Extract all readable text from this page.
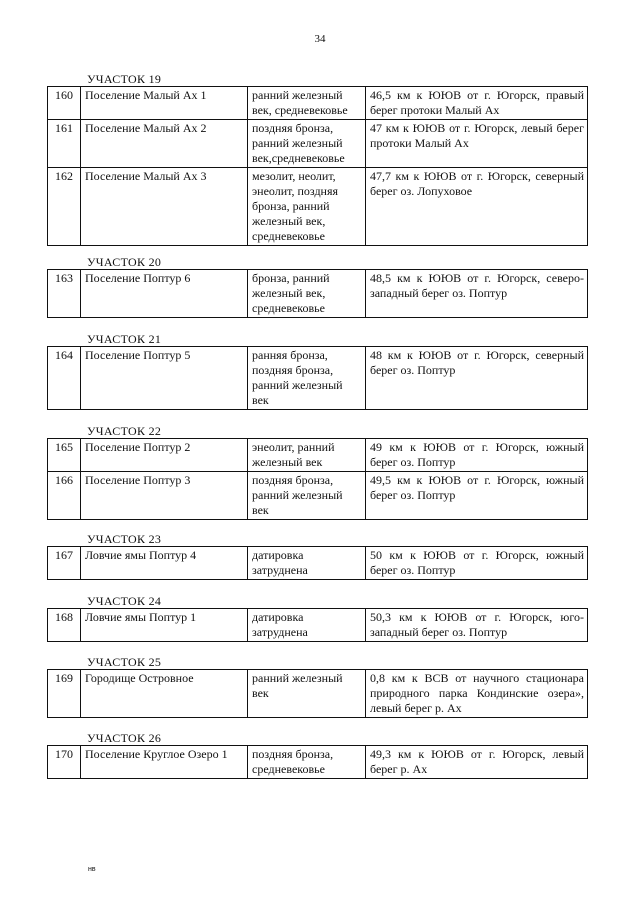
34
УЧАСТОК 19
160	Поселение Малый Ах 1	ранний железный век, средневековье	46,5 км к ЮЮВ от г. Югорск, правый берег протоки Малый Ах
161	Поселение Малый Ах 2	поздняя бронза, ранний железный век,средневековье	47 км к ЮЮВ от г. Югорск, левый берег протоки Малый Ах
162	Поселение Малый Ах 3	мезолит, неолит, энеолит, поздняя бронза, ранний железный век, средневековье	47,7 км к ЮЮВ от г. Югорск, северный берег оз. Лопуховое
УЧАСТОК 20
163	Поселение Поптур 6	бронза, ранний железный век, средневековье	48,5 км к ЮЮВ от г. Югорск, северо-западный берег оз. Поптур
УЧАСТОК 21
164	Поселение Поптур 5	ранняя бронза, поздняя бронза, ранний железный век	48 км к ЮЮВ от г. Югорск, северный берег оз. Поптур
УЧАСТОК 22
165	Поселение Поптур 2	энеолит, ранний железный век	49 км к ЮЮВ от г. Югорск, южный берег оз. Поптур
166	Поселение Поптур 3	поздняя бронза, ранний железный век	49,5 км к ЮЮВ от г. Югорск, южный берег оз. Поптур
УЧАСТОК 23
167	Ловчие ямы Поптур 4	датировка затруднена	50 км к ЮЮВ от г. Югорск, южный берег оз. Поптур
УЧАСТОК 24
168	Ловчие ямы Поптур 1	датировка затруднена	50,3 км к ЮЮВ от г. Югорск, юго-западный берег оз. Поптур
УЧАСТОК 25
169	Городище Островное	ранний железный век	0,8 км к ВСВ от научного стационара природного парка Кондинские озера», левый берег р. Ах
УЧАСТОК 26
170	Поселение Круглое Озеро 1	поздняя бронза, средневековье	49,3 км к ЮЮВ от г. Югорск, левый берег р. Ах
нв
